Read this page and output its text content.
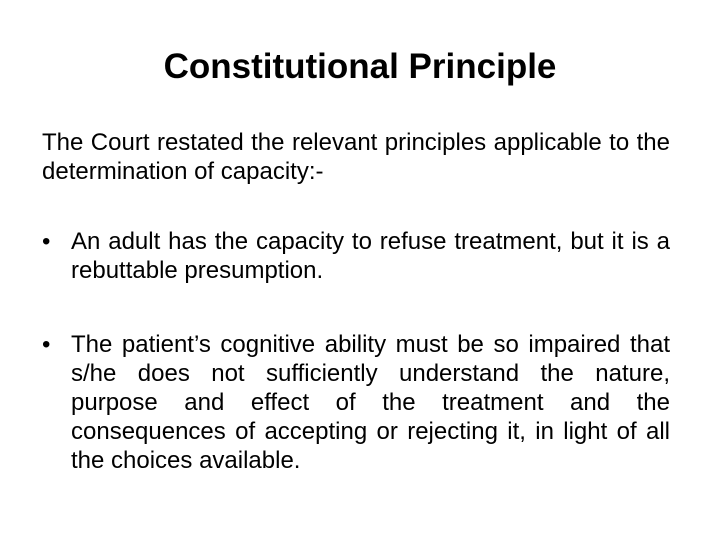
Constitutional Principle
The Court restated the relevant principles applicable to the determination of capacity:-
• An adult has the capacity to refuse treatment, but it is a rebuttable presumption.
• The patient’s cognitive ability must be so impaired that s/he does not sufficiently understand the nature, purpose and effect of the treatment and the consequences of accepting or rejecting it, in light of all the choices available.
